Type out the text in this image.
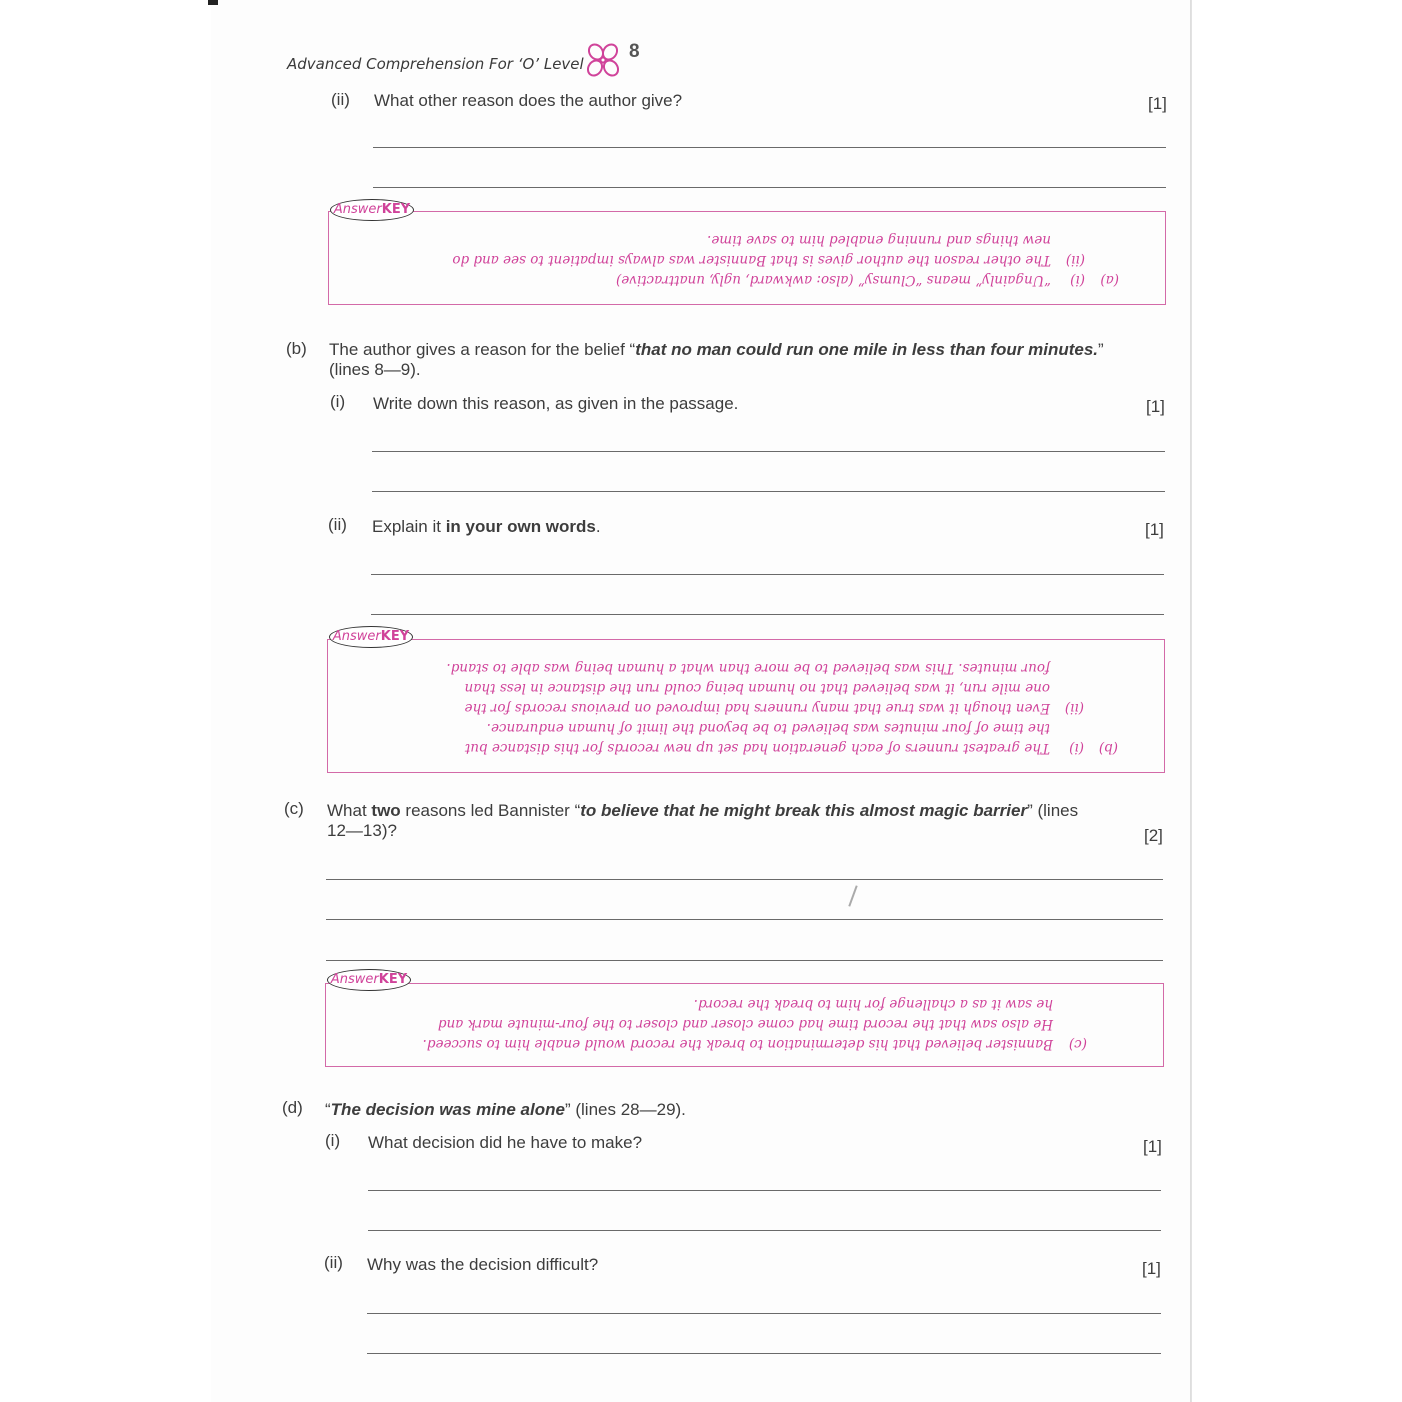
Advanced Comprehension For ‘O’ Level
8
(ii) What other reason does the author give?	[1]
(a)(i)“Ungainly” means “Clumsy” (also: awkward, ugly, unattractive)
(ii)The other reason the author gives is that Bannister was always impatient to see and do
new things and running enabled him to save time.
AnswerKEY
(b) The author gives a reason for the belief “that no man could run one mile in less than four minutes.”
(lines 8—9).
(i) Write down this reason, as given in the passage.	[1]
(ii) Explain it in your own words.	[1]
(b)(i)The greatest runners of each generation had set up new records for this distance but
the time of four minutes was believed to be beyond the limit of human endurance.
(ii)Even though it was true that many runners had improved on previous records for the
one mile run, it was believed that no human being could run the distance in less than
four minutes. This was believed to be more than what a human being was able to stand.
AnswerKEY
(c) What two reasons led Bannister “to believe that he might break this almost magic barrier” (lines
12—13)?	[2]
(c)Bannister believed that his determination to break the record would enable him to succeed.
He also saw that the record time had come closer and closer to the four-minute mark and
he saw it as a challenge for him to break the record.
AnswerKEY
(d) “The decision was mine alone” (lines 28—29).
(i) What decision did he have to make?	[1]
(ii) Why was the decision difficult?	[1]
